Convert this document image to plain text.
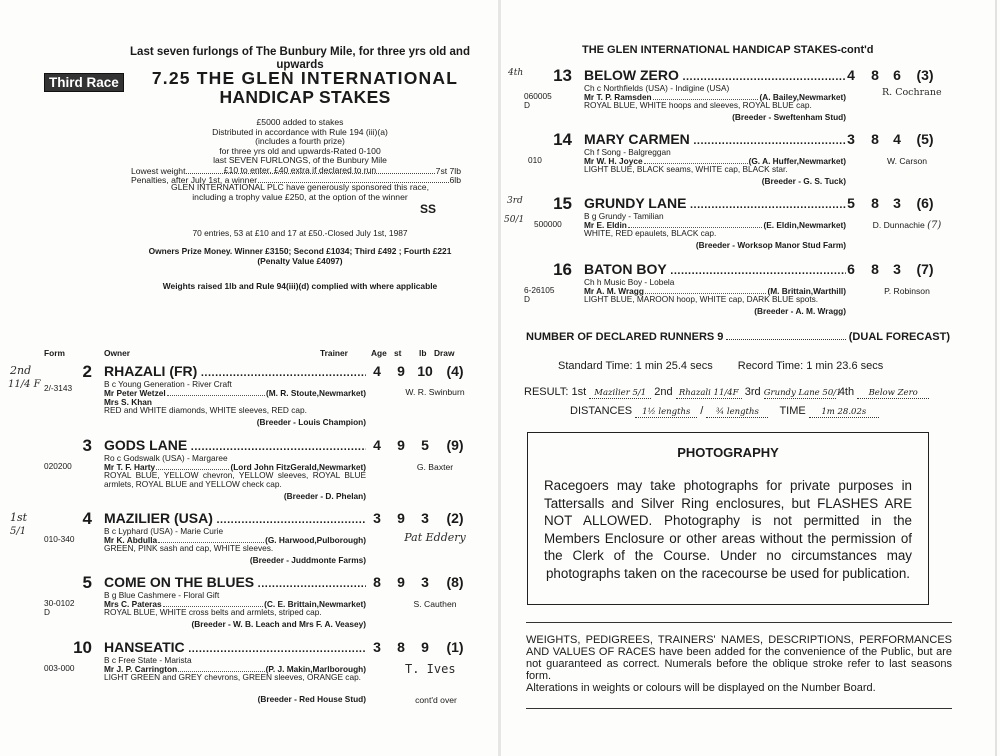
Last seven furlongs of The Bunbury Mile, for three yrs old and upwards
Third Race	7.25 THE GLEN INTERNATIONAL
HANDICAP STAKES
£5000 added to stakes
Distributed in accordance with Rule 194 (iii)(a)
(includes a fourth prize)
for three yrs old and upwards-Rated 0-100
last SEVEN FURLONGS, of the Bunbury Mile
£10 to enter, £40 extra if declared to run
Lowest weight	7st 7lb
Penalties, after July 1st, a winner	6lb
GLEN INTERNATIONAL PLC have generously sponsored this race,
including a trophy value £250, at the option of the winner
SS
70 entries, 53 at £10 and 17 at £50.-Closed July 1st, 1987
Owners Prize Money. Winner £3150; Second £1034; Third £492 ; Fourth £221
(Penalty Value £4097)
Weights raised 1lb and Rule 94(iii)(d) complied with where applicable
Form	Owner	Trainer	Age st lb Draw
2nd
11/4 F
2 RHAZALI (FR) .....	4	9 10 (4)
B c Young Generation - River Craft
2/-3143	Mr Peter Wetzel	(M. R. Stoute,Newmarket)	W. R. Swinburn
Mrs S. Khan
RED and WHITE diamonds, WHITE sleeves, RED cap.
(Breeder - Louis Champion)
3 GODS LANE .....	4	9	5	(9)
Ro c Godswalk (USA) - Margaree
020200	Mr T. F. Harty	(Lord John FitzGerald,Newmarket)	G. Baxter
ROYAL BLUE, YELLOW chevron, YELLOW sleeves, ROYAL BLUE armlets, ROYAL BLUE and YELLOW check cap.
(Breeder - D. Phelan)
1st
5/1
4 MAZILIER (USA) .....	3	9	3	(2)
B c Lyphard (USA) - Marie Curie
010-340	Mr K. Abdulla	(G. Harwood,Pulborough)	Pat Eddery
GREEN, PINK sash and cap, WHITE sleeves.
(Breeder - Juddmonte Farms)
5 COME ON THE BLUES .....	8	9	3	(8)
B g Blue Cashmere - Floral Gift
30-0102
D
Mrs C. Pateras	(C. E. Brittain,Newmarket)	S. Cauthen
ROYAL BLUE, WHITE cross belts and armlets, striped cap.
(Breeder - W. B. Leach and Mrs F. A. Veasey)
10 HANSEATIC .....	3	8	9	(1)
B c Free State - Marista
003-000	Mr J. P. Carrington	(P. J. Makin,Marlborough)	T. Ives
LIGHT GREEN and GREY chevrons, GREEN sleeves, ORANGE cap.
(Breeder - Red House Stud)	cont'd over
THE GLEN INTERNATIONAL HANDICAP STAKES-cont'd
4th	13 BELOW ZERO .....	4	8	6	(3)
Ch c Northfields (USA) - Indigine (USA)
060005
D
Mr T. P. Ramsden	(A. Bailey,Newmarket)	R. Cochrane
ROYAL BLUE, WHITE hoops and sleeves, ROYAL BLUE cap.
(Breeder - Sweftenham Stud)
14 MARY CARMEN .....	3	8	4	(5)
Ch f Song - Balgreggan
010	Mr W. H. Joyce	(G. A. Huffer,Newmarket)	W. Carson
LIGHT BLUE, BLACK seams, WHITE cap, BLACK star.
(Breeder - G. S. Tuck)
3rd
50/1
15 GRUNDY LANE .....	5	8	3	(6)
B g Grundy - Tamilian
500000	Mr E. Eldin	(E. Eldin,Newmarket)	D. Dunnachie (7)
WHITE, RED epaulets, BLACK cap.
(Breeder - Worksop Manor Stud Farm)
16 BATON BOY .....	6	8	3	(7)
Ch h Music Boy - Lobela
6-26105
D
Mr A. M. Wragg	(M. Brittain,Warthill)	P. Robinson
LIGHT BLUE, MAROON hoop, WHITE cap, DARK BLUE spots.
(Breeder - A. M. Wragg)
NUMBER OF DECLARED RUNNERS 9	(DUAL FORECAST)
Standard Time: 1 min 25.4 secs Record Time: 1 min 23.6 secs
RESULT: 1st Mazilier 5/1 2nd Rhazali 11/4F 3rd Grundy Lane 50/1 4th Below Zero
DISTANCES 1½ lengths / ¾ lengths TIME 1m 28.02s
PHOTOGRAPHY
Racegoers may take photographs for private purposes in Tattersalls and Silver Ring enclosures, but FLASHES ARE NOT ALLOWED. Photography is not permitted in the Members Enclosure or other areas without the permission of the Clerk of the Course. Under no circumstances may photographs taken on the racecourse be used for publication.

WEIGHTS, PEDIGREES, TRAINERS' NAMES, DESCRIPTIONS, PERFORMANCES AND VALUES OF RACES have been added for the convenience of the Public, but are not guaranteed as correct. Numerals before the oblique stroke refer to last seasons form.

Alterations in weights or colours will be displayed on the Number Board.
